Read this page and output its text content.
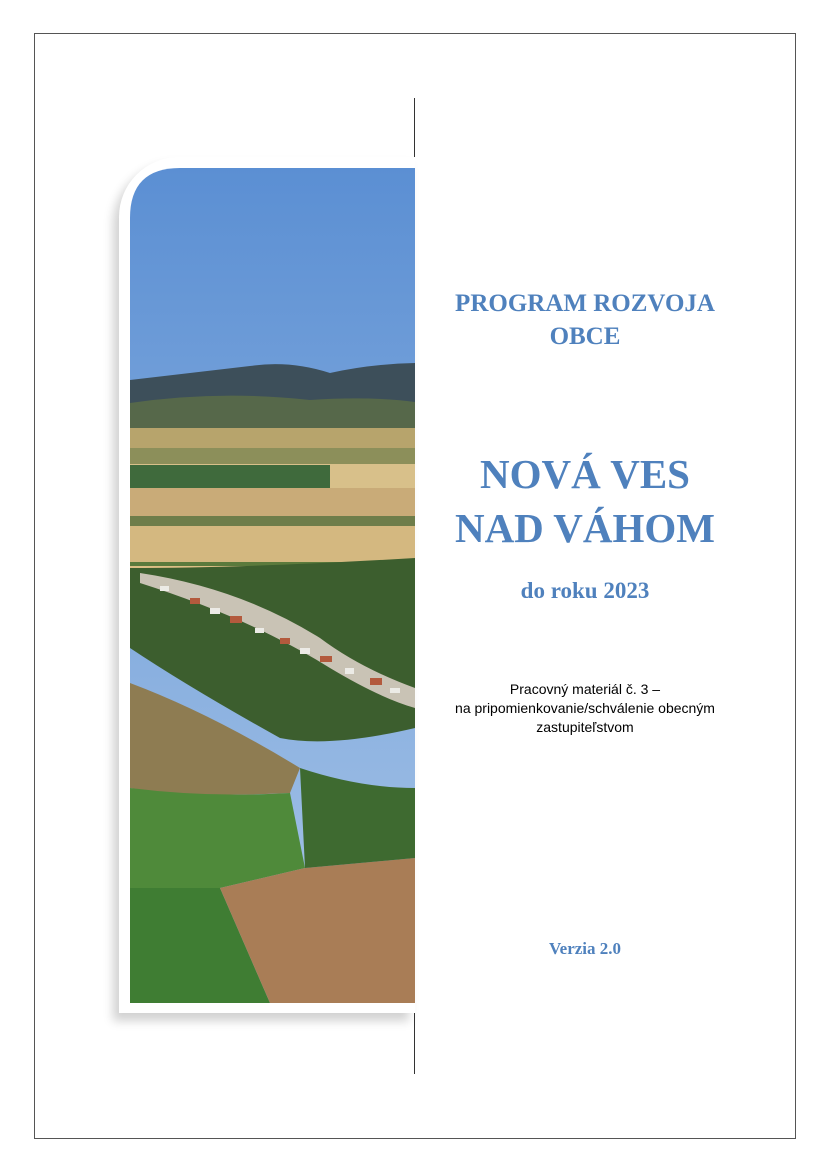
PROGRAM ROZVOJA
OBCE
NOVÁ VES
NAD VÁHOM
do roku 2023
Pracovný materiál č. 3 –
na pripomienkovanie/schválenie obecným
zastupiteľstvom
Verzia 2.0
